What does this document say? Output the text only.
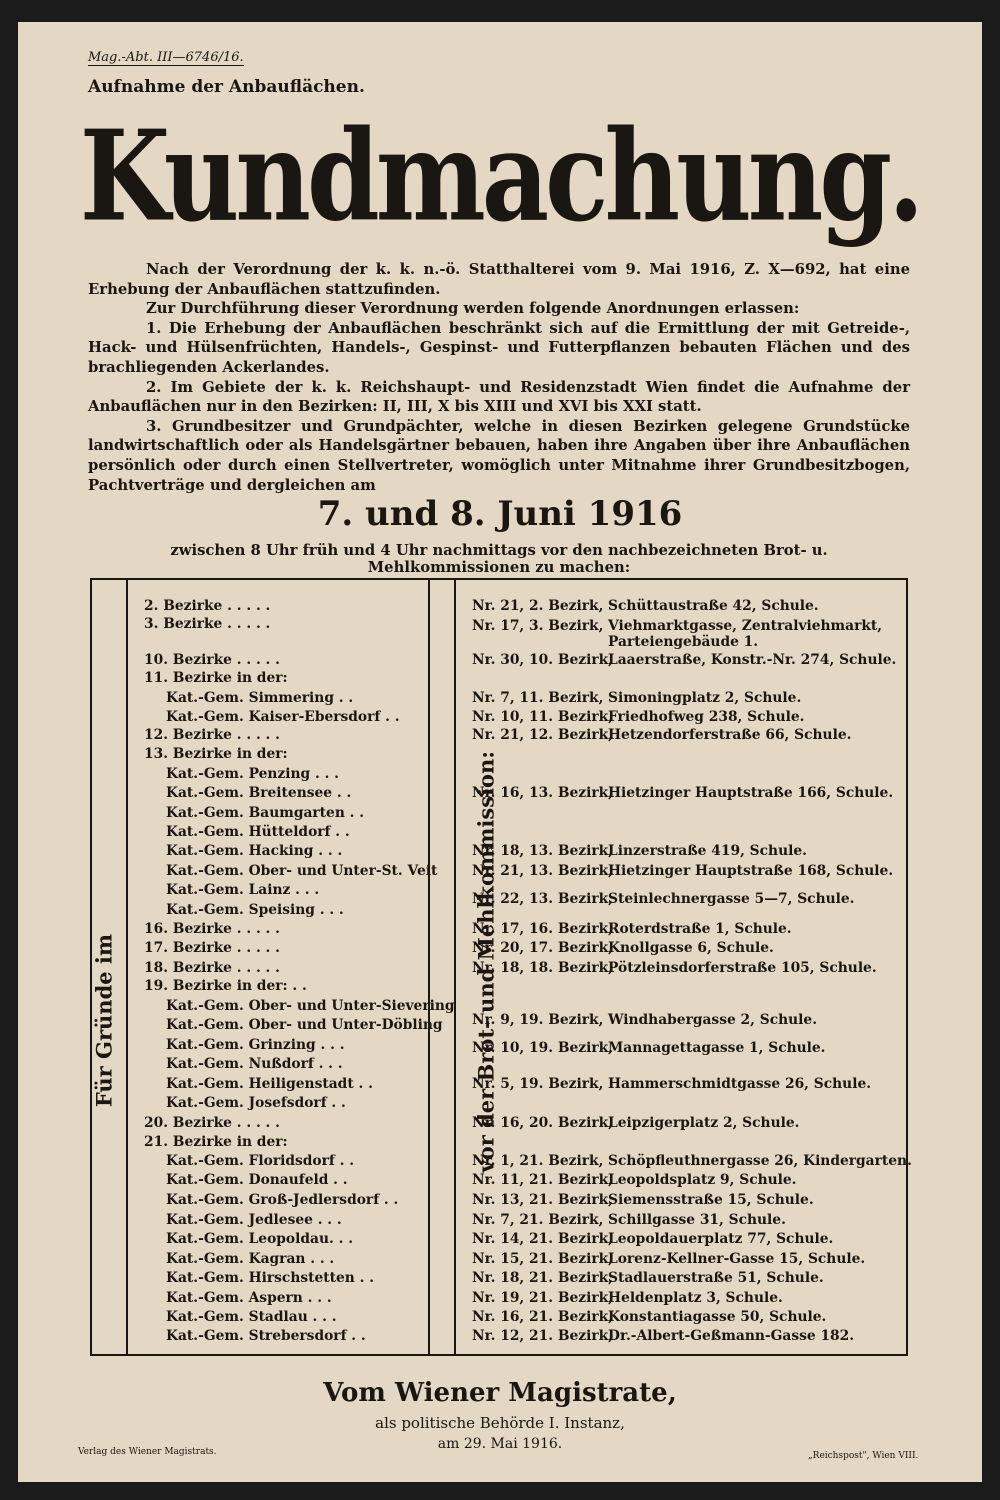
Mag.-Abt. III—6746/16.
Aufnahme der Anbauflächen.
Kundmachung.

Nach der Verordnung der k. k. n.-ö. Statthalterei vom 9. Mai 1916, Z. X—692, hat eine Erhebung der Anbauflächen stattzufinden.

Zur Durchführung dieser Verordnung werden folgende Anordnungen erlassen:

1. Die Erhebung der Anbauflächen beschränkt sich auf die Ermittlung der mit Getreide-, Hack- und Hülsenfrüchten, Handels-, Gespinst- und Futterpflanzen bebauten Flächen und des brachliegenden Ackerlandes.

2. Im Gebiete der k. k. Reichshaupt- und Residenzstadt Wien findet die Aufnahme der Anbauflächen nur in den Bezirken: II, III, X bis XIII und XVI bis XXI statt.

3. Grundbesitzer und Grundpächter, welche in diesen Bezirken gelegene Grundstücke landwirtschaftlich oder als Handelsgärtner bebauen, haben ihre Angaben über ihre Anbauflächen persönlich oder durch einen Stellvertreter, womöglich unter Mitnahme ihrer Grundbesitzbogen, Pachtverträge und dergleichen am

7. und 8. Juni 1916
zwischen 8 Uhr früh und 4 Uhr nachmittags vor den nachbezeichneten Brot- u. Mehlkommissionen zu machen:
Für Gründe im	vor der Brot- und Mehlkommission:
2. Bezirke . . . . .
3. Bezirke . . . . .
10. Bezirke . . . . .
11. Bezirke in der:
Kat.-Gem. Simmering . .
Kat.-Gem. Kaiser-Ebersdorf . .
12. Bezirke . . . . .
13. Bezirke in der:
Kat.-Gem. Penzing . . .
Kat.-Gem. Breitensee . .
Kat.-Gem. Baumgarten . .
Kat.-Gem. Hütteldorf . .
Kat.-Gem. Hacking . . .
Kat.-Gem. Ober- und Unter-St. Veit
Kat.-Gem. Lainz . . .
Kat.-Gem. Speising . . .
16. Bezirke . . . . .
17. Bezirke . . . . .
18. Bezirke . . . . .
19. Bezirke in der: . .
Kat.-Gem. Ober- und Unter-Sievering
Kat.-Gem. Ober- und Unter-Döbling
Kat.-Gem. Grinzing . . .
Kat.-Gem. Nußdorf . . .
Kat.-Gem. Heiligenstadt . .
Kat.-Gem. Josefsdorf . .
20. Bezirke . . . . .
21. Bezirke in der:
Kat.-Gem. Floridsdorf . .
Kat.-Gem. Donaufeld . .
Kat.-Gem. Groß-Jedlersdorf . .
Kat.-Gem. Jedlesee . . .
Kat.-Gem. Leopoldau. . .
Kat.-Gem. Kagran . . .
Kat.-Gem. Hirschstetten . .
Kat.-Gem. Aspern . . .
Kat.-Gem. Stadlau . . .
Kat.-Gem. Strebersdorf . .
Nr. 21, 2. Bezirk, Schüttaustraße 42, Schule.
Nr. 17, 3. Bezirk, Viehmarktgasse, Zentralviehmarkt,
Parteiengebäude 1.
Nr. 30, 10. Bezirk,
Laaerstraße, Konstr.-Nr. 274, Schule.
Nr. 7, 11. Bezirk, Simoningplatz 2, Schule.
Nr. 10, 11. Bezirk,
Friedhofweg 238, Schule.
Nr. 21, 12. Bezirk,
Hetzendorferstraße 66, Schule.
Nr. 16, 13. Bezirk,
Hietzinger Hauptstraße 166, Schule.
Nr. 18, 13. Bezirk,
Linzerstraße 419, Schule.
Nr. 21, 13. Bezirk,
Hietzinger Hauptstraße 168, Schule.
Nr. 22, 13. Bezirk,
Steinlechnergasse 5—7, Schule.
Nr. 17, 16. Bezirk,
Roterdstraße 1, Schule.
Nr. 20, 17. Bezirk,
Knollgasse 6, Schule.
Nr. 18, 18. Bezirk,
Pötzleinsdorferstraße 105, Schule.
Nr. 9, 19. Bezirk, Windhabergasse 2, Schule.
Nr. 10, 19. Bezirk,
Mannagettagasse 1, Schule.
Nr. 5, 19. Bezirk, Hammerschmidtgasse 26, Schule.
Nr. 16, 20. Bezirk,
Leipzigerplatz 2, Schule.
Nr. 1, 21. Bezirk, Schöpfleuthnergasse 26, Kindergarten.
Nr. 11, 21. Bezirk,
Leopoldsplatz 9, Schule.
Nr. 13, 21. Bezirk,
Siemensstraße 15, Schule.
Nr. 7, 21. Bezirk, Schillgasse 31, Schule.
Nr. 14, 21. Bezirk,
Leopoldauerplatz 77, Schule.
Nr. 15, 21. Bezirk,
Lorenz-Kellner-Gasse 15, Schule.
Nr. 18, 21. Bezirk,
Stadlauerstraße 51, Schule.
Nr. 19, 21. Bezirk,
Heldenplatz 3, Schule.
Nr. 16, 21. Bezirk,
Konstantiagasse 50, Schule.
Nr. 12, 21. Bezirk,
Dr.-Albert-Geßmann-Gasse 182.
Vom Wiener Magistrate,
als politische Behörde I. Instanz,
am 29. Mai 1916.
Verlag des Wiener Magistrats.	„Reichspost", Wien VIII.
